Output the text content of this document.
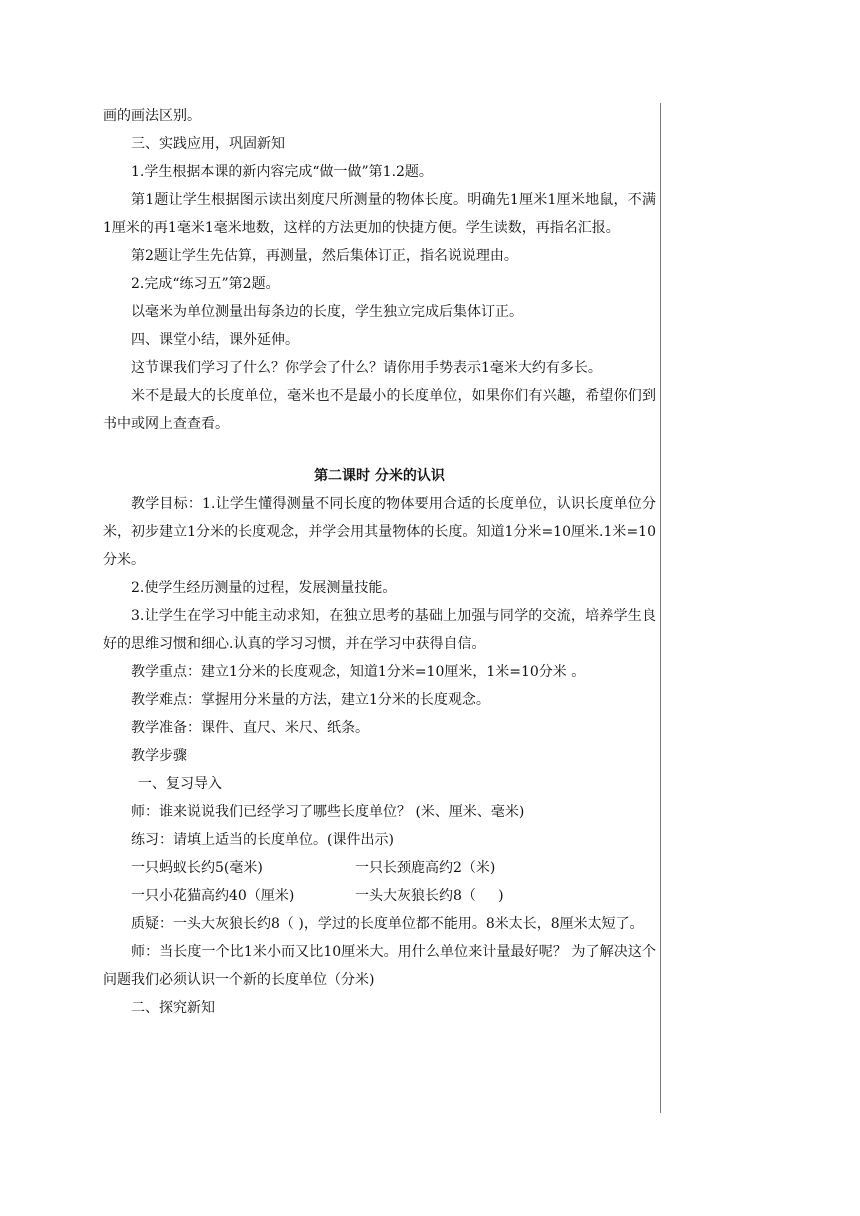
画的画法区别。

三、实践应用，巩固新知

1.学生根据本课的新内容完成“做一做”第1.2题。

第1题让学生根据图示读出刻度尺所测量的物体长度。明确先1厘米1厘米地鼠，不满1厘米的再1毫米1毫米地数，这样的方法更加的快捷方便。学生读数，再指名汇报。

第2题让学生先估算，再测量，然后集体订正，指名说说理由。

2.完成“练习五”第2题。

以毫米为单位测量出每条边的长度，学生独立完成后集体订正。

四、课堂小结，课外延伸。

这节课我们学习了什么？你学会了什么？请你用手势表示1毫米大约有多长。

米不是最大的长度单位，毫米也不是最小的长度单位，如果你们有兴趣，希望你们到书中或网上查查看。

第二课时 分米的认识

教学目标：1.让学生懂得测量不同长度的物体要用合适的长度单位，认识长度单位分米，初步建立1分米的长度观念，并学会用其量物体的长度。知道1分米=10厘米.1米=10分米。

2.使学生经历测量的过程，发展测量技能。

3.让学生在学习中能主动求知，在独立思考的基础上加强与同学的交流，培养学生良好的思维习惯和细心.认真的学习习惯，并在学习中获得自信。

教学重点：建立1分米的长度观念，知道1分米=10厘米，1米=10分米 。

教学难点：掌握用分米量的方法，建立1分米的长度观念。

教学准备：课件、直尺、米尺、纸条。

教学步骤

一、复习导入

师：谁来说说我们已经学习了哪些长度单位？ (米、厘米、毫米)

练习：请填上适当的长度单位。(课件出示)

一只蚂蚁长约5(毫米)	一只长颈鹿高约2（米)
一只小花猫高约40（厘米)	一头大灰狼长约8（     )

质疑：一头大灰狼长约8（ )，学过的长度单位都不能用。8米太长，8厘米太短了。

师：当长度一个比1米小而又比10厘米大。用什么单位来计量最好呢？ 为了解决这个问题我们必须认识一个新的长度单位（分米)

二、探究新知
